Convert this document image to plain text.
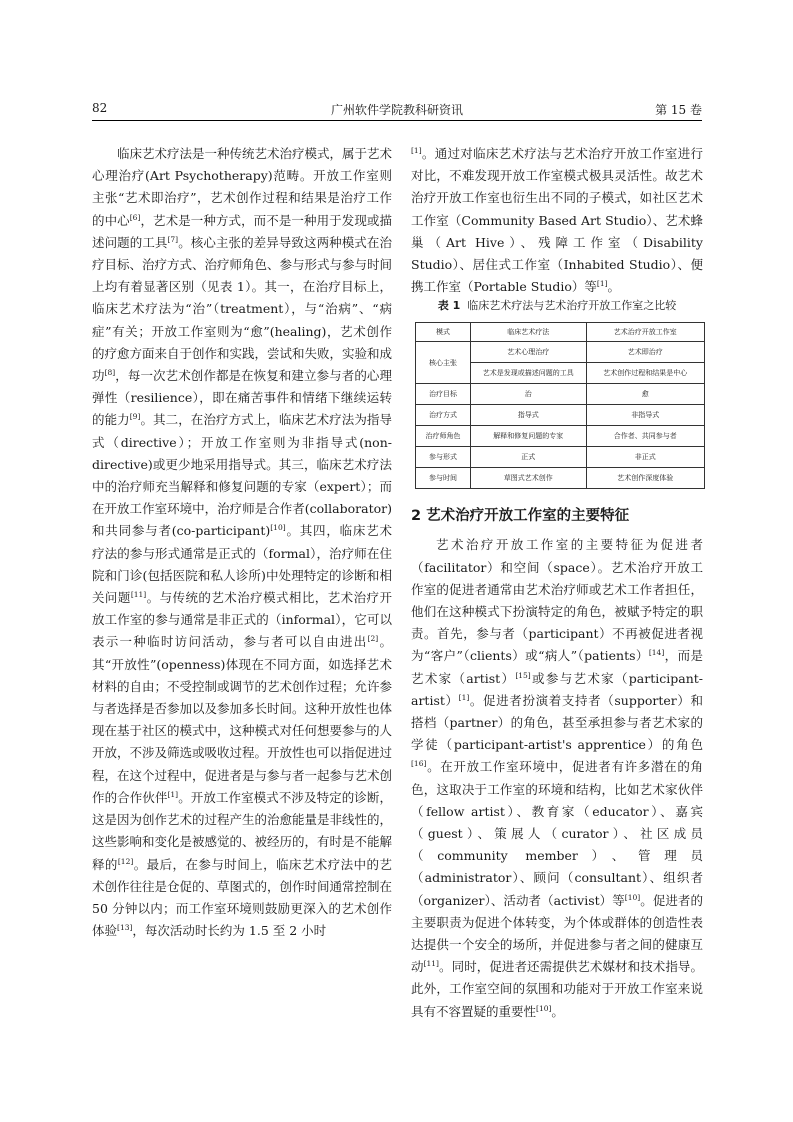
82	广州软件学院教科研资讯	第 15 卷

临床艺术疗法是一种传统艺术治疗模式，属于艺术心理治疗(Art Psychotherapy)范畴。开放工作室则主张“艺术即治疗”，艺术创作过程和结果是治疗工作的中心[6]，艺术是一种方式，而不是一种用于发现或描述问题的工具[7]。核心主张的差异导致这两种模式在治疗目标、治疗方式、治疗师角色、参与形式与参与时间上均有着显著区别（见表 1）。其一，在治疗目标上，临床艺术疗法为“治”（treatment），与“治病”、“病症”有关；开放工作室则为“愈”(healing)，艺术创作的疗愈方面来自于创作和实践，尝试和失败，实验和成功[8]，每一次艺术创作都是在恢复和建立参与者的心理弹性（resilience），即在痛苦事件和情绪下继续运转的能力[9]。其二，在治疗方式上，临床艺术疗法为指导式（directive）；开放工作室则为非指导式(non-directive)或更少地采用指导式。其三，临床艺术疗法中的治疗师充当解释和修复问题的专家（expert）；而在开放工作室环境中，治疗师是合作者(collaborator)和共同参与者(co-participant)[10]。其四，临床艺术疗法的参与形式通常是正式的（formal），治疗师在住院和门诊(包括医院和私人诊所)中处理特定的诊断和相关问题[11]。与传统的艺术治疗模式相比，艺术治疗开放工作室的参与通常是非正式的（informal），它可以表示一种临时访问活动，参与者可以自由进出[2]。其“开放性”(openness)体现在不同方面，如选择艺术材料的自由；不受控制或调节的艺术创作过程；允许参与者选择是否参加以及参加多长时间。这种开放性也体现在基于社区的模式中，这种模式对任何想要参与的人开放，不涉及筛选或吸收过程。开放性也可以指促进过程，在这个过程中，促进者是与参与者一起参与艺术创作的合作伙伴[1]。开放工作室模式不涉及特定的诊断，这是因为创作艺术的过程产生的治愈能量是非线性的，这些影响和变化是被感觉的、被经历的，有时是不能解释的[12]。最后，在参与时间上，临床艺术疗法中的艺术创作往往是仓促的、草图式的，创作时间通常控制在 50 分钟以内；而工作室环境则鼓励更深入的艺术创作体验[13]，每次活动时长约为 1.5 至 2 小时

[1]。通过对临床艺术疗法与艺术治疗开放工作室进行对比，不难发现开放工作室模式极具灵活性。故艺术治疗开放工作室也衍生出不同的子模式，如社区艺术工作室（Community Based Art Studio）、艺术蜂巢（Art Hive）、残障工作室（Disability Studio）、居住式工作室（Inhabited Studio）、便携工作室（Portable Studio）等[1]。

表 1 临床艺术疗法与艺术治疗开放工作室之比较
模式	临床艺术疗法	艺术治疗开放工作室
核心主张	艺术心理治疗	艺术即治疗
	艺术是发现或描述问题的工具	艺术创作过程和结果是中心
治疗目标	治	愈
治疗方式	指导式	非指导式
治疗师角色	解释和修复问题的专家	合作者、共同参与者
参与形式	正式	非正式
参与时间	草图式艺术创作	艺术创作深度体验
2 艺术治疗开放工作室的主要特征

艺术治疗开放工作室的主要特征为促进者（facilitator）和空间（space）。艺术治疗开放工作室的促进者通常由艺术治疗师或艺术工作者担任，他们在这种模式下扮演特定的角色，被赋予特定的职责。首先，参与者（participant）不再被促进者视为“客户”（clients）或“病人”（patients）[14]，而是艺术家（artist）[15]或参与艺术家（participant-artist）[1]。促进者扮演着支持者（supporter）和搭档（partner）的角色，甚至承担参与者艺术家的学徒（participant-artist's apprentice）的角色[16]。在开放工作室环境中，促进者有许多潜在的角色，这取决于工作室的环境和结构，比如艺术家伙伴（fellow artist）、教育家（educator）、嘉宾（guest）、策展人（curator）、社区成员（community member）、管理员（administrator）、顾问（consultant）、组织者（organizer）、活动者（activist）等[10]。促进者的主要职责为促进个体转变，为个体或群体的创造性表达提供一个安全的场所，并促进参与者之间的健康互动[11]。同时，促进者还需提供艺术媒材和技术指导。此外，工作室空间的氛围和功能对于开放工作室来说具有不容置疑的重要性[10]。
